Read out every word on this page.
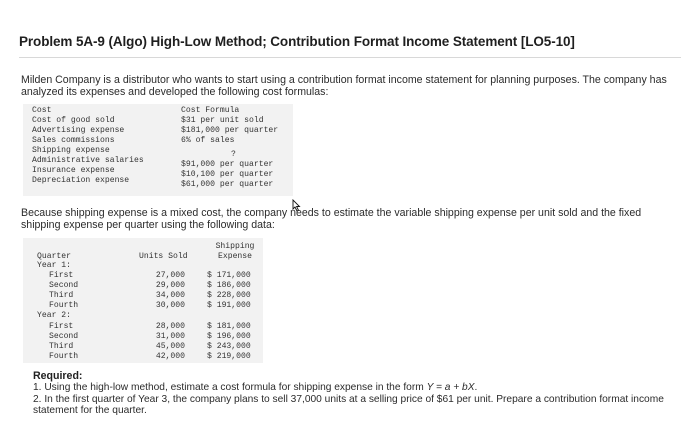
Problem 5A-9 (Algo) High-Low Method; Contribution Format Income Statement [LO5-10]
Milden Company is a distributor who wants to start using a contribution format income statement for planning purposes. The company has analyzed its expenses and developed the following cost formulas:
Cost	Cost Formula
Cost of good sold	$31 per unit sold
Advertising expense	$181,000 per quarter
Sales commissions	6% of sales
Shipping expense	?
Administrative salaries	$91,000 per quarter
Insurance expense	$10,100 per quarter
Depreciation expense	$61,000 per quarter
Because shipping expense is a mixed cost, the company needs to estimate the variable shipping expense per unit sold and the fixed shipping expense per quarter using the following data:
Shipping
Quarter	Units Sold	Expense
Year 1:
First	27,000	$ 171,000
Second	29,000	$ 186,000
Third	34,000	$ 228,000
Fourth	30,000	$ 191,000
Year 2:
First	28,000	$ 181,000
Second	31,000	$ 196,000
Third	45,000	$ 243,000
Fourth	42,000	$ 219,000
Required:
1. Using the high-low method, estimate a cost formula for shipping expense in the form Y = a + bX.
2. In the first quarter of Year 3, the company plans to sell 37,000 units at a selling price of $61 per unit. Prepare a contribution format income statement for the quarter.
